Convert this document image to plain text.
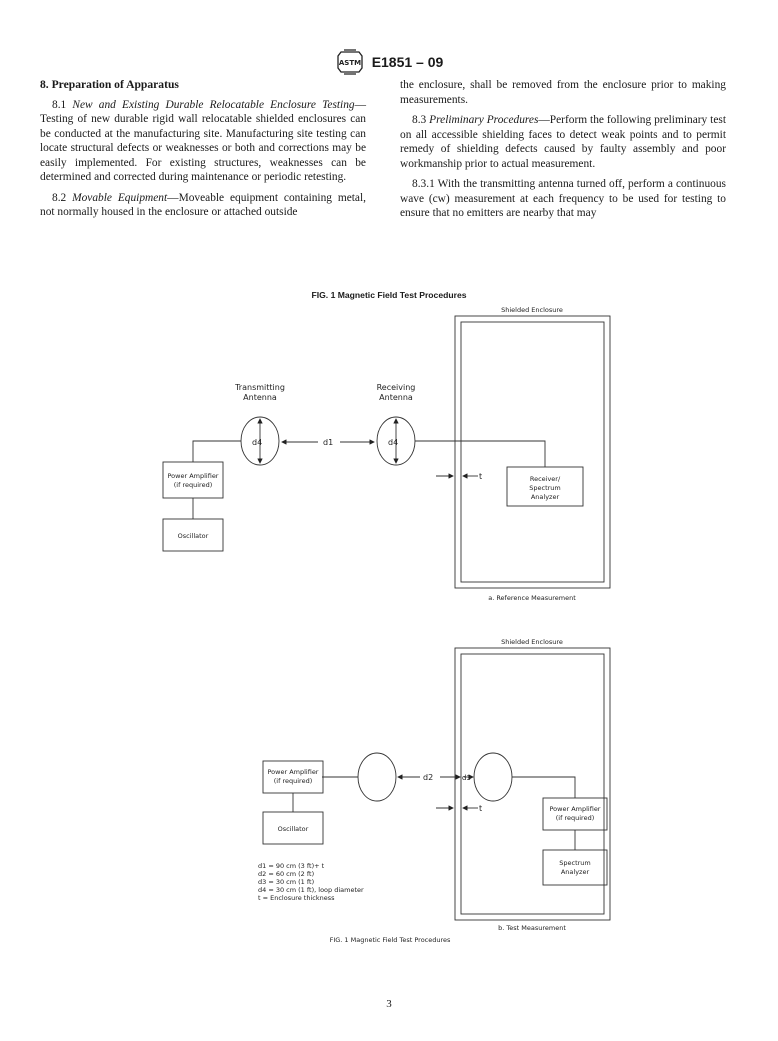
ASTM E1851 – 09
8. Preparation of Apparatus

8.1 New and Existing Durable Relocatable Enclosure Testing—Testing of new durable rigid wall relocatable shielded enclosures can be conducted at the manufacturing site. Manufacturing site testing can locate structural defects or weaknesses or both and corrections may be easily implemented. For existing structures, weaknesses can be determined and corrected during maintenance or periodic retesting.

8.2 Movable Equipment—Moveable equipment containing metal, not normally housed in the enclosure or attached outside

the enclosure, shall be removed from the enclosure prior to making measurements.

8.3 Preliminary Procedures—Perform the following preliminary test on all accessible shielding faces to detect weak points and to permit remedy of shielding defects caused by faulty assembly and poor workmanship prior to actual measurement.

8.3.1 With the transmitting antenna turned off, perform a continuous wave (cw) measurement at each frequency to be used for testing to ensure that no emitters are nearby that may

FIG. 1 Magnetic Field Test Procedures
Shielded Enclosure
Transmitting
Antenna
Receiving
Antenna
d4	d4
d1
t
Power Amplifier
(if required)
Oscillator
Receiver/
Spectrum
Analyzer
a. Reference Measurement
Shielded Enclosure
d2	d3
t
Power Amplifier
(if required)
Oscillator
Power Amplifier
(if required)
Spectrum
Analyzer
b. Test Measurement
d1 = 90 cm (3 ft)+ t
d2 = 60 cm (2 ft)
d3 = 30 cm (1 ft)
d4 = 30 cm (1 ft), loop diameter
t = Enclosure thickness
FIG. 1 Magnetic Field Test Procedures
3
